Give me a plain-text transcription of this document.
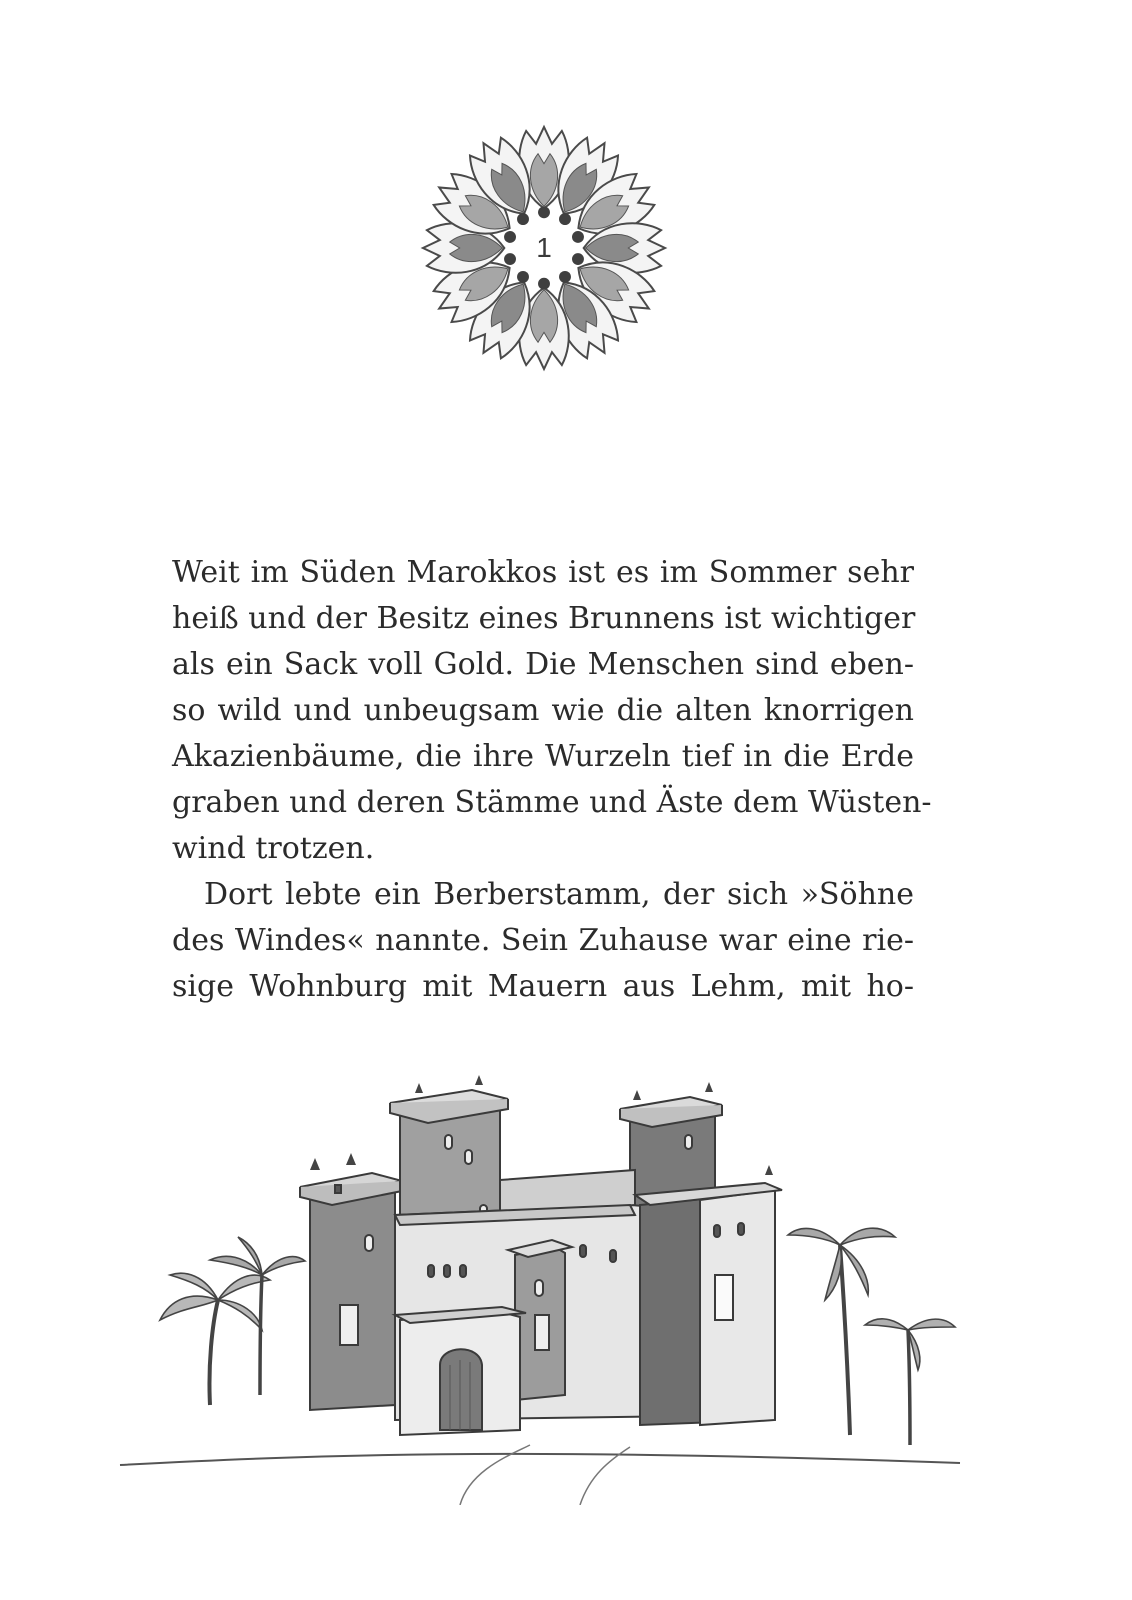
1
Weit im Süden Marokkos ist es im Sommer sehr
heiß und der Besitz eines Brunnens ist wichtiger
als ein Sack voll Gold. Die Menschen sind eben-
so wild und unbeugsam wie die alten knorrigen
Akazienbäume, die ihre Wurzeln tief in die Erde
graben und deren Stämme und Äste dem Wüsten-
wind trotzen.
Dort lebte ein Berberstamm, der sich »Söhne
des Windes« nannte. Sein Zuhause war eine rie-
sige Wohnburg mit Mauern aus Lehm, mit ho-
